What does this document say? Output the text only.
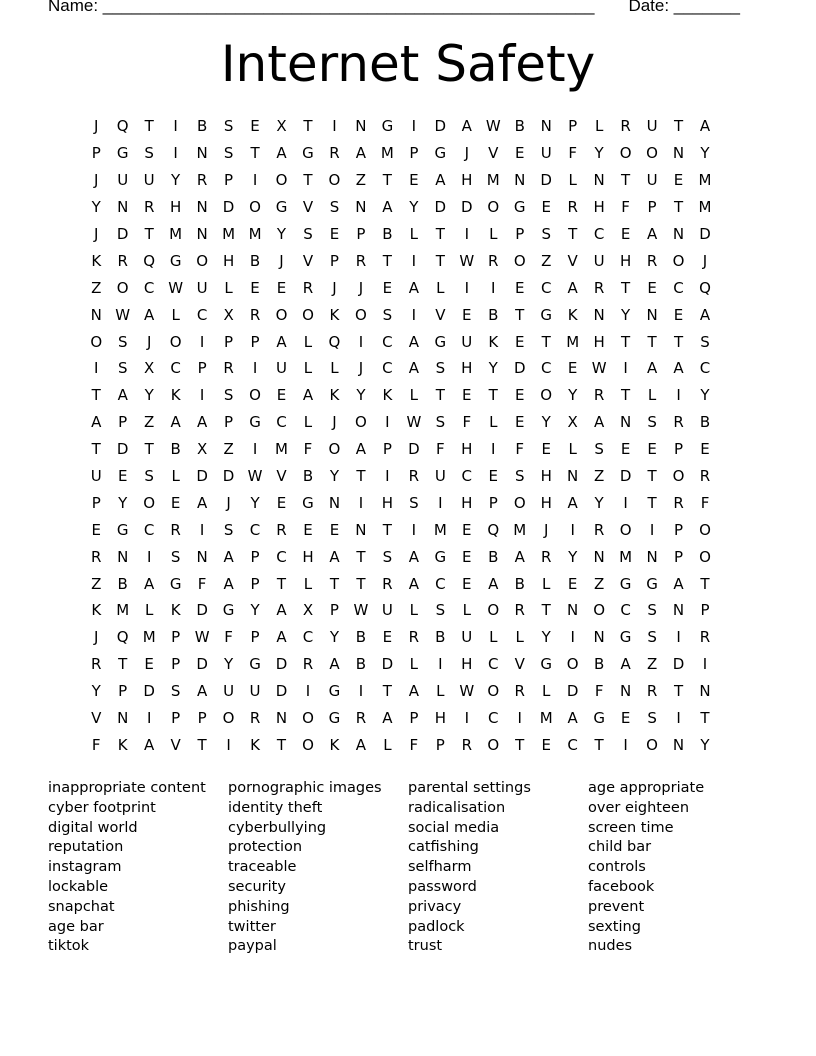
Name: ____________________________________________________ Date: _______
Internet Safety
J	Q	T	I	B	S	E	X	T	I	N	G	I	D	A W B	N	P	L	R	U	T	A
P	G	S	I	N	S	T	A	G	R	A M	P	G	J	V	E	U	F	Y	O O N	Y
J	U	U	Y	R	P	I	O	T	O	Z	T	E	A	H M N	D	L	N	T	U	E	M
Y	N	R	H	N	D O G	V	S	N	A	Y	D D O G	E	R	H	F	P	T	M
J	D	T	M N M M	Y	S	E	P	B	L	T	I	L	P	S	T	C	E	A	N	D
K	R	Q G O H	B	J	V	P	R	T	I	T W R	O	Z	V	U	H	R	O	J
Z	O	C W U	L	E	E	R	J	J	E	A	L	I	I	E	C	A	R	T	E	C	Q
N W A	L	C	X	R	O O	K	O	S	I	V	E	B	T	G	K	N	Y	N	E	A
O	S	J	O	I	P	P	A	L	Q	I	C	A	G	U	K	E	T	M H	T	T	T	S
I	S	X	C	P	R	I	U	L	L	J	C	A	S	H	Y	D	C	E W	I	A	A	C
T	A	Y	K	I	S	O	E	A	K	Y	K	L	T	E	T	E	O	Y	R	T	L	I	Y
A	P	Z	A	A	P	G	C	L	J	O	I	W S	F	L	E	Y	X	A	N	S	R	B
T	D	T	B	X	Z	I	M	F	O	A	P	D	F	H	I	F	E	L	S	E	E	P	E
U	E	S	L	D D W V	B	Y	T	I	R	U	C	E	S	H	N	Z	D	T	O	R
P	Y	O	E	A	J	Y	E	G	N	I	H	S	I	H	P	O H	A	Y	I	T	R	F
E	G	C	R	I	S	C	R	E	E	N	T	I	M	E	Q M	J	I	R	O	I	P	O
R	N	I	S	N	A	P	C	H	A	T	S	A	G	E	B	A	R	Y	N M N	P	O
Z	B	A	G	F	A	P	T	L	T	T	R	A	C	E	A	B	L	E	Z	G G	A	T
K	M	L	K	D G	Y	A	X	P W U	L	S	L	O	R	T	N O	C	S	N	P
J	Q M	P W F	P	A	C	Y	B	E	R	B	U	L	L	Y	I	N	G	S	I	R
R	T	E	P	D	Y	G D	R	A	B	D	L	I	H	C	V	G O	B	A	Z	D	I
Y	P	D	S	A	U	U	D	I	G	I	T	A	L W O	R	L	D	F	N	R	T	N
V	N	I	P	P	O	R	N O G	R	A	P	H	I	C	I	M A	G	E	S	I	T
F	K	A	V	T	I	K	T	O	K	A	L	F	P	R	O	T	E	C	T	I	O N	Y
inappropriate content
cyber footprint
digital world
reputation
instagram
lockable
snapchat
age bar
tiktok
pornographic images
identity theft
cyberbullying
protection
traceable
security
phishing
twitter
paypal
parental settings
radicalisation
social media
catfishing
selfharm
password
privacy
padlock
trust
age appropriate
over eighteen
screen time
child bar
controls
facebook
prevent
sexting
nudes
